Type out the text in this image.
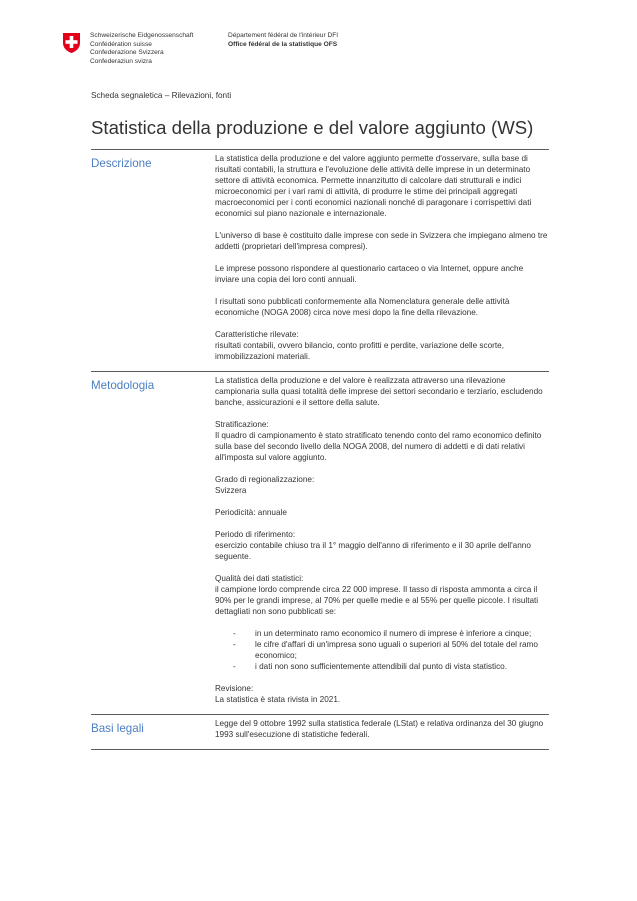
Schweizerische Eidgenossenschaft
Confédération suisse
Confederazione Svizzera
Confederaziun svizra
Département fédéral de l'intérieur DFI
Office fédéral de la statistique OFS
Scheda segnaletica – Rilevazioni, fonti
Statistica della produzione e del valore aggiunto (WS)
Descrizione	La statistica della produzione e del valore aggiunto permette d'osservare, sulla base di risultati contabili, la struttura e l'evoluzione delle attività delle imprese in un determinato settore di attività economica. Permette innanzitutto di calcolare dati strutturali e indici microeconomici per i vari rami di attività, di produrre le stime dei principali aggregati macroeconomici per i conti economici nazionali nonché di paragonare i corrispettivi dati economici sul piano nazionale e internazionale.

L'universo di base è costituito dalle imprese con sede in Svizzera che impiegano almeno tre addetti (proprietari dell'impresa compresi).

Le imprese possono rispondere al questionario cartaceo o via Internet, oppure anche inviare una copia dei loro conti annuali.

I risultati sono pubblicati conformemente alla Nomenclatura generale delle attività economiche (NOGA 2008) circa nove mesi dopo la fine della rilevazione.

Caratteristiche rilevate:
risultati contabili, ovvero bilancio, conto profitti e perdite, variazione delle scorte, immobilizzazioni materiali.

Metodologia	La statistica della produzione e del valore è realizzata attraverso una rilevazione campionaria sulla quasi totalità delle imprese dei settori secondario e terziario, escludendo banche, assicurazioni e il settore della salute.

Stratificazione:
Il quadro di campionamento è stato stratificato tenendo conto del ramo economico definito sulla base del secondo livello della NOGA 2008, del numero di addetti e di dati relativi all'imposta sul valore aggiunto.

Grado di regionalizzazione:
Svizzera

Periodicità: annuale

Periodo di riferimento:
esercizio contabile chiuso tra il 1° maggio dell'anno di riferimento e il 30 aprile dell'anno seguente.

Qualità dei dati statistici:
il campione lordo comprende circa 22 000 imprese. Il tasso di risposta ammonta a circa il 90% per le grandi imprese, al 70% per quelle medie e al 55% per quelle piccole. I risultati dettagliati non sono pubblicati se:

- in un determinato ramo economico il numero di imprese è inferiore a cinque;
- le cifre d'affari di un'impresa sono uguali o superiori al 50% del totale del ramo economico;
- i dati non sono sufficientemente attendibili dal punto di vista statistico.

Revisione:
La statistica è stata rivista in 2021.

Basi legali	Legge del 9 ottobre 1992 sulla statistica federale (LStat) e relativa ordinanza del 30 giugno 1993 sull'esecuzione di statistiche federali.
